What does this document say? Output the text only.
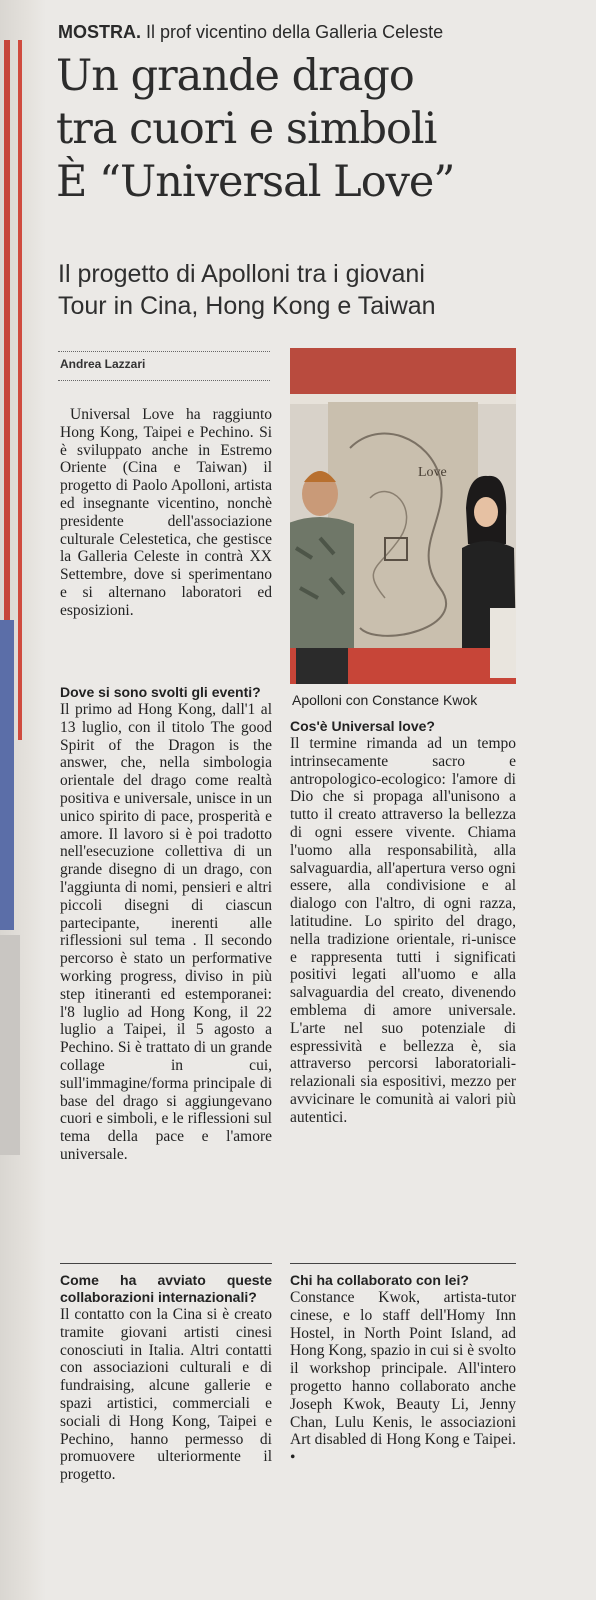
MOSTRA. Il prof vicentino della Galleria Celeste
Un grande drago
tra cuori e simboli
È “Universal Love”
Il progetto di Apolloni tra i giovani
Tour in Cina, Hong Kong e Taiwan
Andrea Lazzari
Universal Love ha raggiunto Hong Kong, Taipei e Pechino. Si è sviluppato anche in Estremo Oriente (Cina e Taiwan) il progetto di Paolo Apolloni, artista ed insegnante vicentino, nonchè presidente dell'associazione culturale Celestetica, che gestisce la Galleria Celeste in contrà XX Settembre, dove si sperimentano e si alternano laboratori ed esposizioni.

Dove si sono svolti gli eventi?

Il primo ad Hong Kong, dall'1 al 13 luglio, con il titolo The good Spirit of the Dragon is the answer, che, nella simbologia orientale del drago come realtà positiva e universale, unisce in un unico spirito di pace, prosperità e amore. Il lavoro si è poi tradotto nell'esecuzione collettiva di un grande disegno di un drago, con l'aggiunta di nomi, pensieri e altri piccoli disegni di ciascun partecipante, inerenti alle riflessioni sul tema . Il secondo percorso è stato un performative working progress, diviso in più step itineranti ed estemporanei: l'8 luglio ad Hong Kong, il 22 luglio a Taipei, il 5 agosto a Pechino. Si è trattato di un grande collage in cui, sull'immagine/forma principale di base del drago si aggiungevano cuori e simboli, e le riflessioni sul tema della pace e l'amore universale.

Love
Apolloni con Constance Kwok

Cos'è Universal love?

Il termine rimanda ad un tempo intrinsecamente sacro e antropologico-ecologico: l'amore di Dio che si propaga all'unisono a tutto il creato attraverso la bellezza di ogni essere vivente. Chiama l'uomo alla responsabilità, alla salvaguardia, all'apertura verso ogni essere, alla condivisione e al dialogo con l'altro, di ogni razza, latitudine. Lo spirito del drago, nella tradizione orientale, ri-unisce e rappresenta tutti i significati positivi legati all'uomo e alla salvaguardia del creato, divenendo emblema di amore universale. L'arte nel suo potenziale di espressività e bellezza è, sia attraverso percorsi laboratoriali-relazionali sia espositivi, mezzo per avvicinare le comunità ai valori più autentici.

Come ha avviato queste collaborazioni internazionali?

Il contatto con la Cina si è creato tramite giovani artisti cinesi conosciuti in Italia. Altri contatti con associazioni culturali e di fundraising, alcune gallerie e spazi artistici, commerciali e sociali di Hong Kong, Taipei e Pechino, hanno permesso di promuovere ulteriormente il progetto.

Chi ha collaborato con lei?

Constance Kwok, artista-tutor cinese, e lo staff dell'Homy Inn Hostel, in North Point Island, ad Hong Kong, spazio in cui si è svolto il workshop principale. All'intero progetto hanno collaborato anche Joseph Kwok, Beauty Li, Jenny Chan, Lulu Kenis, le associazioni Art disabled di Hong Kong e Taipei. •
